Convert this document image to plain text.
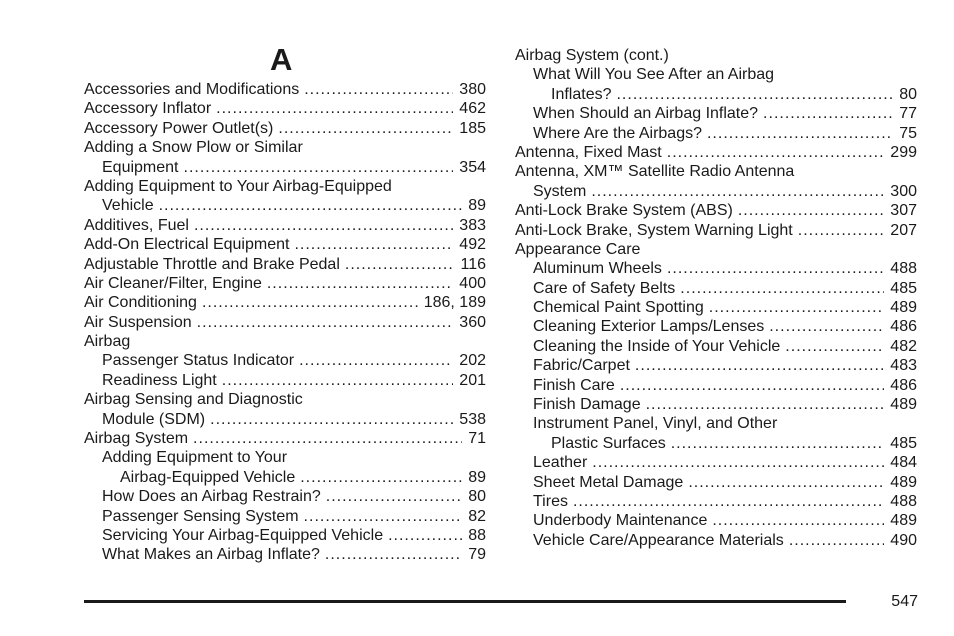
A
Accessories and Modifications .....	380
Accessory Inflator .....	462
Accessory Power Outlet(s) .....	185
Adding a Snow Plow or Similar
Equipment .....	354
Adding Equipment to Your Airbag-Equipped
Vehicle .....	89
Additives, Fuel .....	383
Add-On Electrical Equipment .....	492
Adjustable Throttle and Brake Pedal .....	116
Air Cleaner/Filter, Engine .....	400
Air Conditioning .....	186, 189
Air Suspension .....	360
Airbag
Passenger Status Indicator .....	202
Readiness Light .....	201
Airbag Sensing and Diagnostic
Module (SDM) .....	538
Airbag System .....	71
Adding Equipment to Your
Airbag-Equipped Vehicle .....	89
How Does an Airbag Restrain? .....	80
Passenger Sensing System .....	82
Servicing Your Airbag-Equipped Vehicle .....	88
What Makes an Airbag Inflate? .....	79
Airbag System (cont.)
What Will You See After an Airbag
Inflates? .....	80
When Should an Airbag Inflate? .....	77
Where Are the Airbags? .....	75
Antenna, Fixed Mast .....	299
Antenna, XM™ Satellite Radio Antenna
System .....	300
Anti-Lock Brake System (ABS) .....	307
Anti-Lock Brake, System Warning Light .....	207
Appearance Care
Aluminum Wheels .....	488
Care of Safety Belts .....	485
Chemical Paint Spotting .....	489
Cleaning Exterior Lamps/Lenses .....	486
Cleaning the Inside of Your Vehicle .....	482
Fabric/Carpet .....	483
Finish Care .....	486
Finish Damage .....	489
Instrument Panel, Vinyl, and Other
Plastic Surfaces .....	485
Leather .....	484
Sheet Metal Damage .....	489
Tires .....	488
Underbody Maintenance .....	489
Vehicle Care/Appearance Materials .....	490
547
